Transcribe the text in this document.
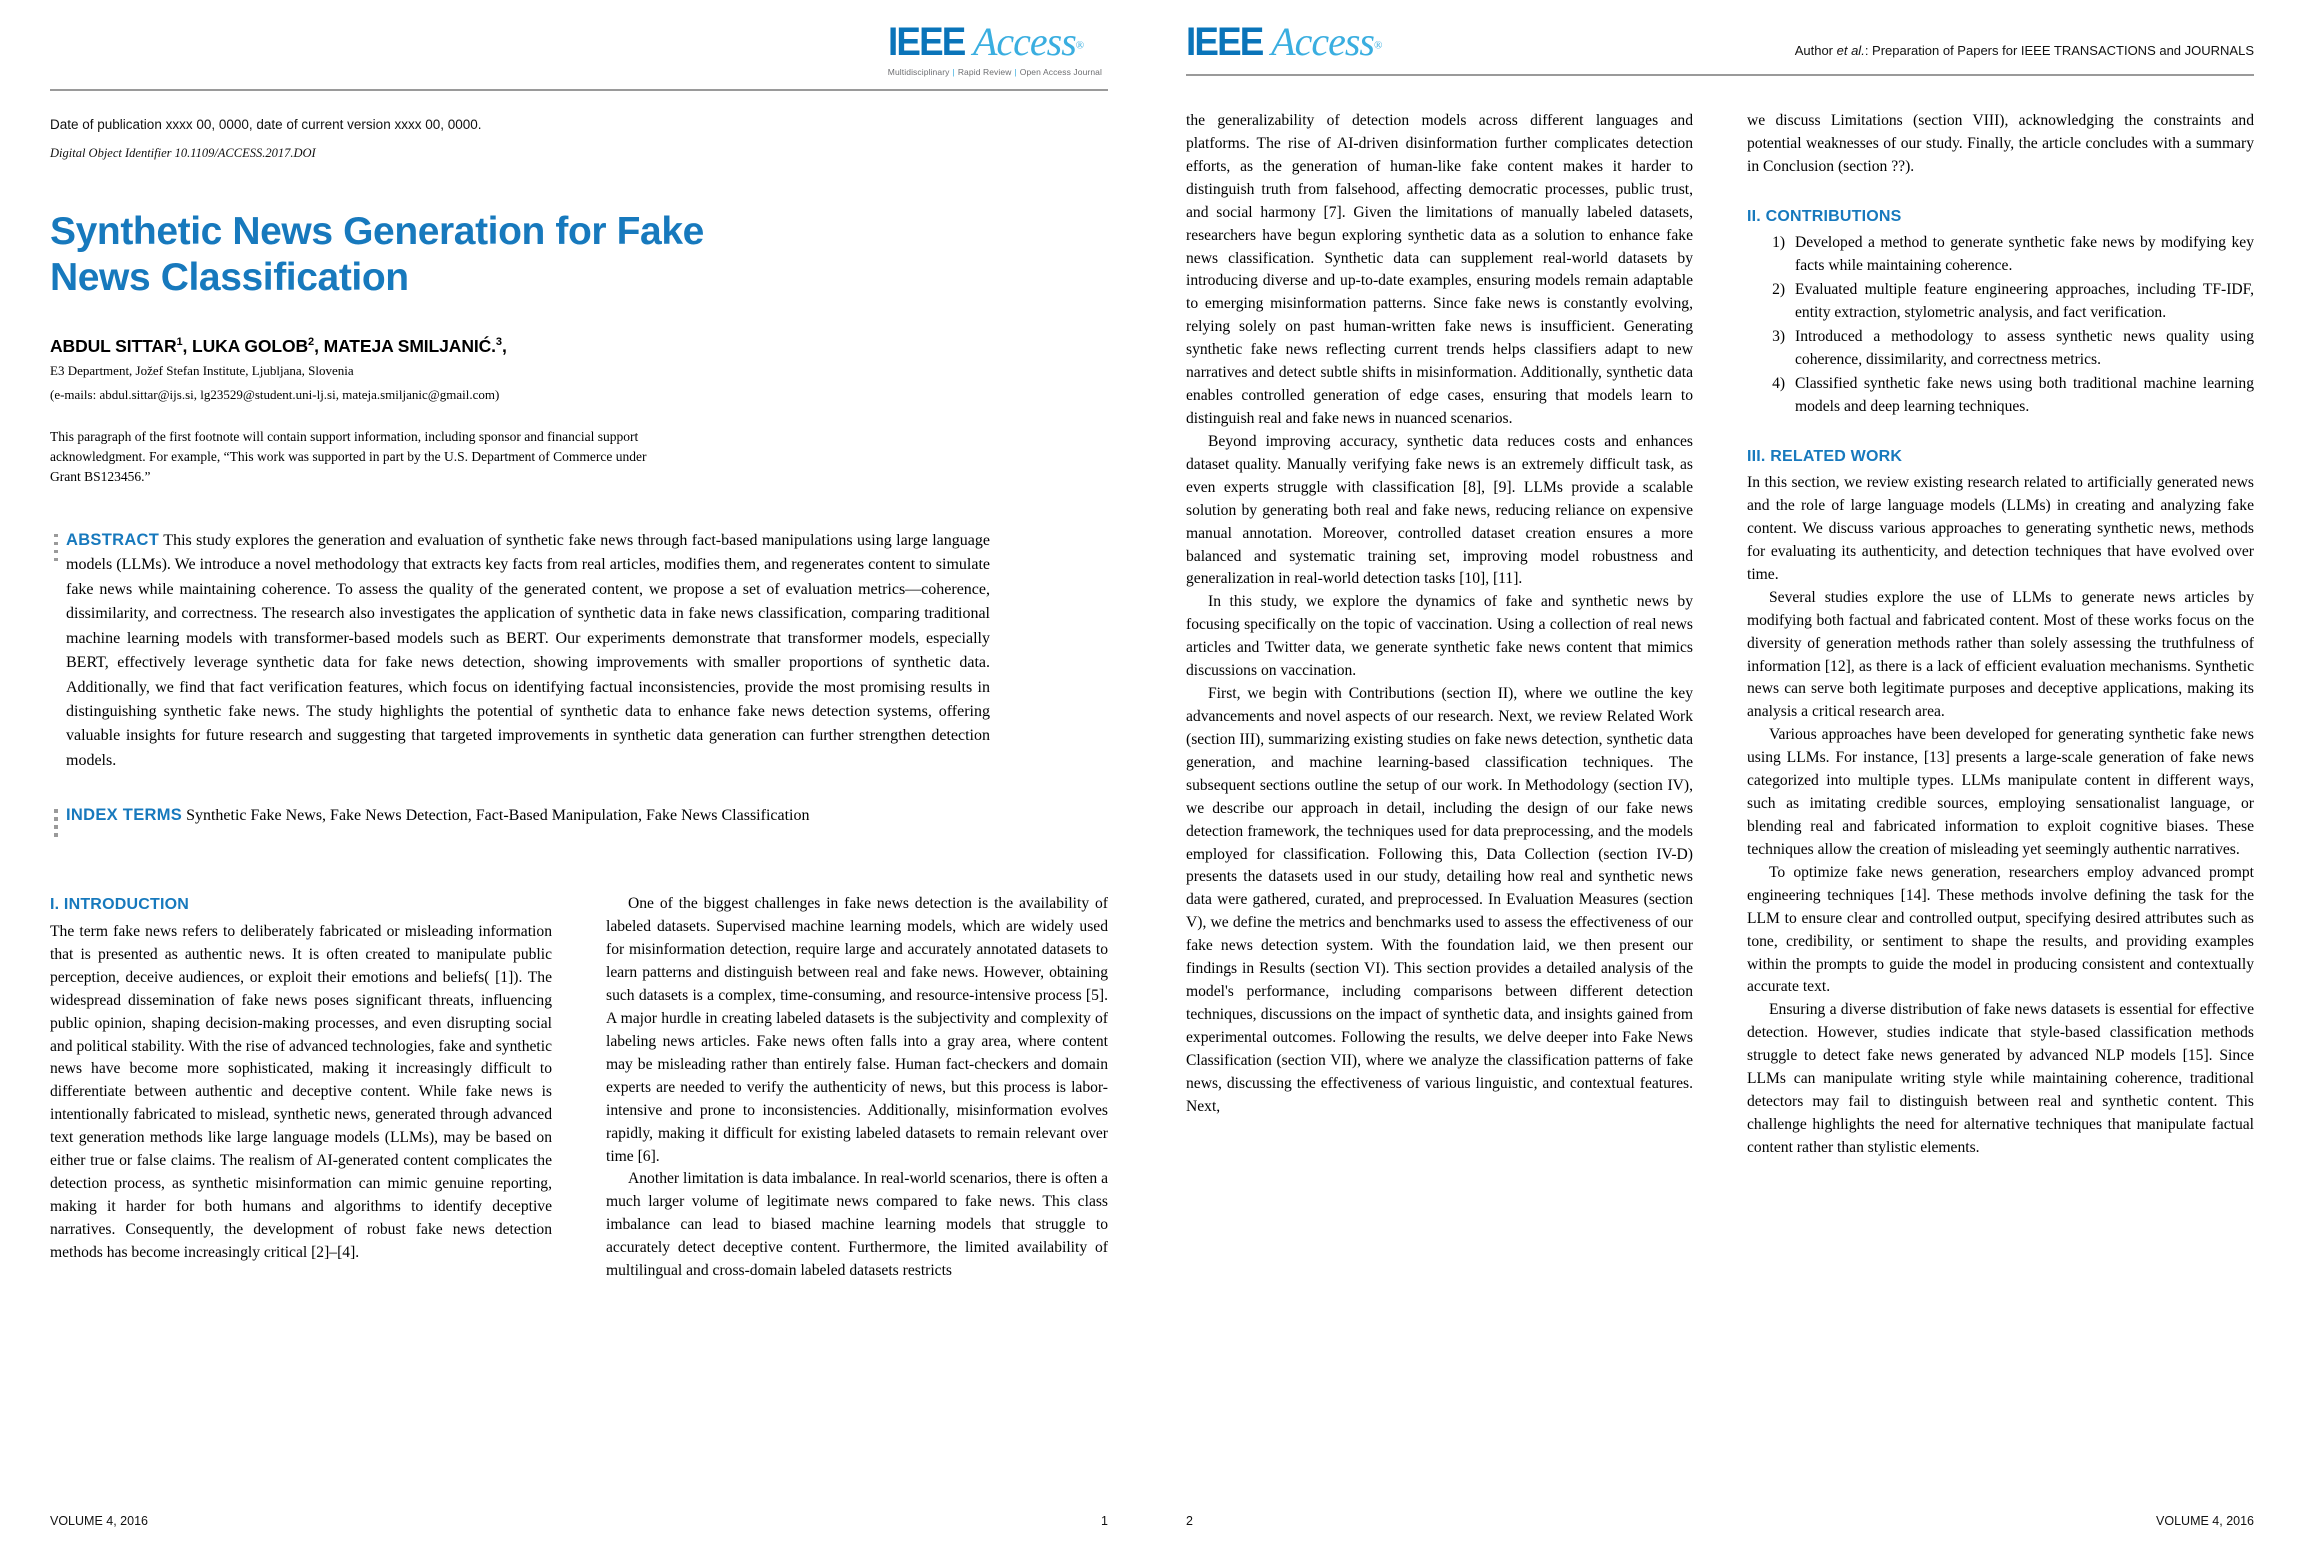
IEEE Access®
Multidisciplinary | Rapid Review | Open Access Journal
Date of publication xxxx 00, 0000, date of current version xxxx 00, 0000.
Digital Object Identifier 10.1109/ACCESS.2017.DOI
Synthetic News Generation for Fake News Classification
ABDUL SITTAR$^1$, LUKA GOLOB$^2$, MATEJA SMILJANIĆ.$^3$,
E3 Department, Jožef Stefan Institute, Ljubljana, Slovenia
(e-mails: abdul.sittar@ijs.si, lg23529@student.uni-lj.si, mateja.smiljanic@gmail.com)
This paragraph of the first footnote will contain support information, including sponsor and financial support acknowledgment. For example, “This work was supported in part by the U.S. Department of Commerce under Grant BS123456.”
ABSTRACT This study explores the generation and evaluation of synthetic fake news through fact-based manipulations using large language models (LLMs). We introduce a novel methodology that extracts key facts from real articles, modifies them, and regenerates content to simulate fake news while maintaining coherence. To assess the quality of the generated content, we propose a set of evaluation metrics—coherence, dissimilarity, and correctness. The research also investigates the application of synthetic data in fake news classification, comparing traditional machine learning models with transformer-based models such as BERT. Our experiments demonstrate that transformer models, especially BERT, effectively leverage synthetic data for fake news detection, showing improvements with smaller proportions of synthetic data. Additionally, we find that fact verification features, which focus on identifying factual inconsistencies, provide the most promising results in distinguishing synthetic fake news. The study highlights the potential of synthetic data to enhance fake news detection systems, offering valuable insights for future research and suggesting that targeted improvements in synthetic data generation can further strengthen detection models.
INDEX TERMS Synthetic Fake News, Fake News Detection, Fact-Based Manipulation, Fake News Classification
I. INTRODUCTION

The term fake news refers to deliberately fabricated or misleading information that is presented as authentic news. It is often created to manipulate public perception, deceive audiences, or exploit their emotions and beliefs( [1]). The widespread dissemination of fake news poses significant threats, influencing public opinion, shaping decision-making processes, and even disrupting social and political stability. With the rise of advanced technologies, fake and synthetic news have become more sophisticated, making it increasingly difficult to differentiate between authentic and deceptive content. While fake news is intentionally fabricated to mislead, synthetic news, generated through advanced text generation methods like large language models (LLMs), may be based on either true or false claims. The realism of AI-generated content complicates the detection process, as synthetic misinformation can mimic genuine reporting, making it harder for both humans and algorithms to identify deceptive narratives. Consequently, the development of robust fake news detection methods has become increasingly critical [2]–[4].

One of the biggest challenges in fake news detection is the availability of labeled datasets. Supervised machine learning models, which are widely used for misinformation detection, require large and accurately annotated datasets to learn patterns and distinguish between real and fake news. However, obtaining such datasets is a complex, time-consuming, and resource-intensive process [5]. A major hurdle in creating labeled datasets is the subjectivity and complexity of labeling news articles. Fake news often falls into a gray area, where content may be misleading rather than entirely false. Human fact-checkers and domain experts are needed to verify the authenticity of news, but this process is labor-intensive and prone to inconsistencies. Additionally, misinformation evolves rapidly, making it difficult for existing labeled datasets to remain relevant over time [6].

Another limitation is data imbalance. In real-world scenarios, there is often a much larger volume of legitimate news compared to fake news. This class imbalance can lead to biased machine learning models that struggle to accurately detect deceptive content. Furthermore, the limited availability of multilingual and cross-domain labeled datasets restricts

VOLUME 4, 2016	1
IEEE Access®	Author et al.: Preparation of Papers for IEEE TRANSACTIONS and JOURNALS

the generalizability of detection models across different languages and platforms. The rise of AI-driven disinformation further complicates detection efforts, as the generation of human-like fake content makes it harder to distinguish truth from falsehood, affecting democratic processes, public trust, and social harmony [7]. Given the limitations of manually labeled datasets, researchers have begun exploring synthetic data as a solution to enhance fake news classification. Synthetic data can supplement real-world datasets by introducing diverse and up-to-date examples, ensuring models remain adaptable to emerging misinformation patterns. Since fake news is constantly evolving, relying solely on past human-written fake news is insufficient. Generating synthetic fake news reflecting current trends helps classifiers adapt to new narratives and detect subtle shifts in misinformation. Additionally, synthetic data enables controlled generation of edge cases, ensuring that models learn to distinguish real and fake news in nuanced scenarios.

Beyond improving accuracy, synthetic data reduces costs and enhances dataset quality. Manually verifying fake news is an extremely difficult task, as even experts struggle with classification [8], [9]. LLMs provide a scalable solution by generating both real and fake news, reducing reliance on expensive manual annotation. Moreover, controlled dataset creation ensures a more balanced and systematic training set, improving model robustness and generalization in real-world detection tasks [10], [11].

In this study, we explore the dynamics of fake and synthetic news by focusing specifically on the topic of vaccination. Using a collection of real news articles and Twitter data, we generate synthetic fake news content that mimics discussions on vaccination.

First, we begin with Contributions (section II), where we outline the key advancements and novel aspects of our research. Next, we review Related Work (section III), summarizing existing studies on fake news detection, synthetic data generation, and machine learning-based classification techniques. The subsequent sections outline the setup of our work. In Methodology (section IV), we describe our approach in detail, including the design of our fake news detection framework, the techniques used for data preprocessing, and the models employed for classification. Following this, Data Collection (section IV-D) presents the datasets used in our study, detailing how real and synthetic news data were gathered, curated, and preprocessed. In Evaluation Measures (section V), we define the metrics and benchmarks used to assess the effectiveness of our fake news detection system. With the foundation laid, we then present our findings in Results (section VI). This section provides a detailed analysis of the model's performance, including comparisons between different detection techniques, discussions on the impact of synthetic data, and insights gained from experimental outcomes. Following the results, we delve deeper into Fake News Classification (section VII), where we analyze the classification patterns of fake news, discussing the effectiveness of various linguistic, and contextual features. Next,

we discuss Limitations (section VIII), acknowledging the constraints and potential weaknesses of our study. Finally, the article concludes with a summary in Conclusion (section ??).

II. CONTRIBUTIONS
1. Developed a method to generate synthetic fake news by modifying key facts while maintaining coherence.
2. Evaluated multiple feature engineering approaches, including TF-IDF, entity extraction, stylometric analysis, and fact verification.
3. Introduced a methodology to assess synthetic news quality using coherence, dissimilarity, and correctness metrics.
4. Classified synthetic fake news using both traditional machine learning models and deep learning techniques.
III. RELATED WORK

In this section, we review existing research related to artificially generated news and the role of large language models (LLMs) in creating and analyzing fake content. We discuss various approaches to generating synthetic news, methods for evaluating its authenticity, and detection techniques that have evolved over time.

Several studies explore the use of LLMs to generate news articles by modifying both factual and fabricated content. Most of these works focus on the diversity of generation methods rather than solely assessing the truthfulness of information [12], as there is a lack of efficient evaluation mechanisms. Synthetic news can serve both legitimate purposes and deceptive applications, making its analysis a critical research area.

Various approaches have been developed for generating synthetic fake news using LLMs. For instance, [13] presents a large-scale generation of fake news categorized into multiple types. LLMs manipulate content in different ways, such as imitating credible sources, employing sensationalist language, or blending real and fabricated information to exploit cognitive biases. These techniques allow the creation of misleading yet seemingly authentic narratives.

To optimize fake news generation, researchers employ advanced prompt engineering techniques [14]. These methods involve defining the task for the LLM to ensure clear and controlled output, specifying desired attributes such as tone, credibility, or sentiment to shape the results, and providing examples within the prompts to guide the model in producing consistent and contextually accurate text.

Ensuring a diverse distribution of fake news datasets is essential for effective detection. However, studies indicate that style-based classification methods struggle to detect fake news generated by advanced NLP models [15]. Since LLMs can manipulate writing style while maintaining coherence, traditional detectors may fail to distinguish between real and synthetic content. This challenge highlights the need for alternative techniques that manipulate factual content rather than stylistic elements.

2	VOLUME 4, 2016
